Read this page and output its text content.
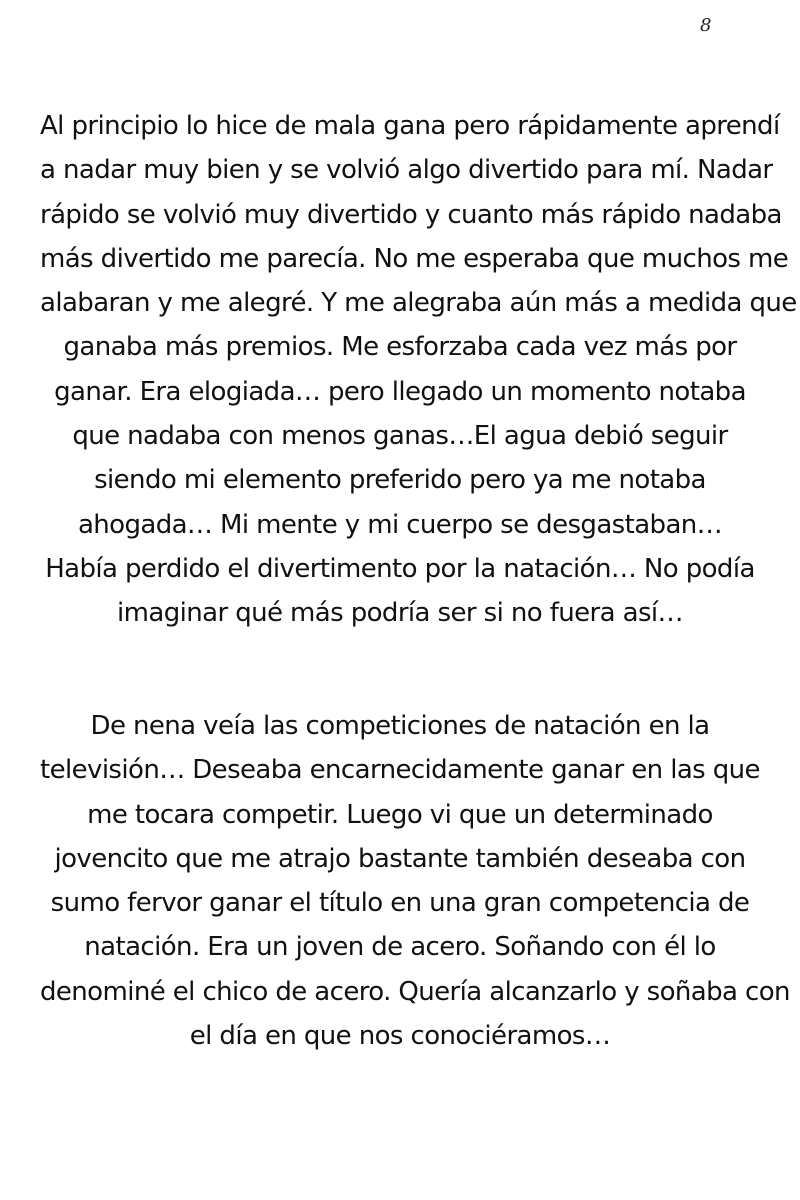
8
Al principio lo hice de mala gana pero rápidamente aprendí
a nadar muy bien y se volvió algo divertido para mí. Nadar
rápido se volvió muy divertido y cuanto más rápido nadaba
más divertido me parecía. No me esperaba que muchos me
alabaran y me alegré. Y me alegraba aún más a medida que
ganaba más premios. Me esforzaba cada vez más por
ganar. Era elogiada… pero llegado un momento notaba
que nadaba con menos ganas…El agua debió seguir
siendo mi elemento preferido pero ya me notaba
ahogada… Mi mente y mi cuerpo se desgastaban…
Había perdido el divertimento por la natación… No podía
imaginar qué más podría ser si no fuera así…
De nena veía las competiciones de natación en la
televisión… Deseaba encarnecidamente ganar en las que
me tocara competir. Luego vi que un determinado
jovencito que me atrajo bastante también deseaba con
sumo fervor ganar el título en una gran competencia de
natación. Era un joven de acero. Soñando con él lo
denominé el chico de acero. Quería alcanzarlo y soñaba con
el día en que nos conociéramos…
